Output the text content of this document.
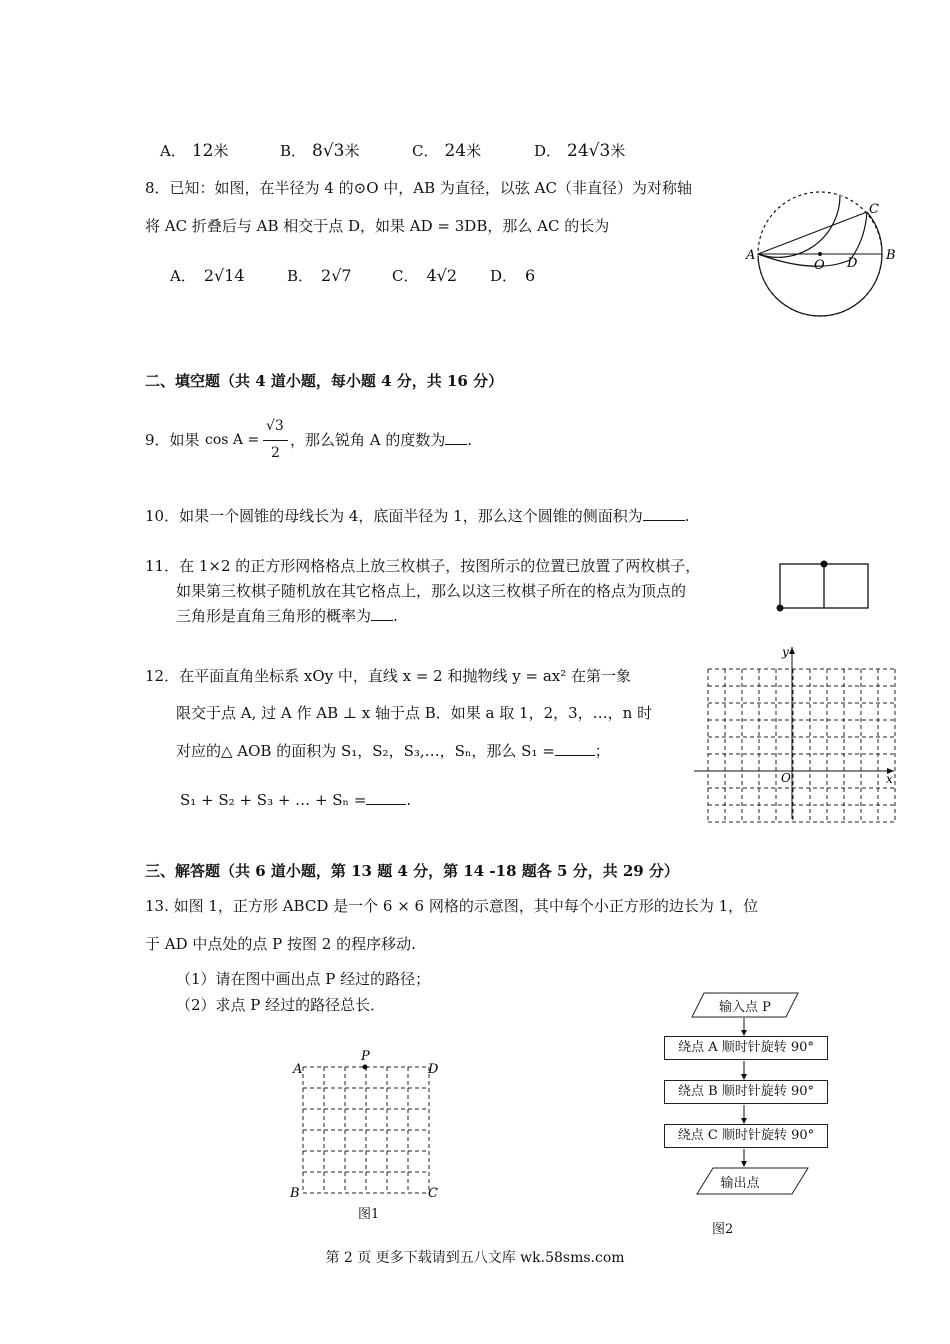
A． 12米	B． 8√3米	C． 24米	D． 24√3米
8．已知：如图，在半径为 4 的⊙O 中，AB 为直径，以弦 AC（非直径）为对称轴
将 AC 折叠后与 AB 相交于点 D，如果 AD = 3DB，那么 AC 的长为
A． 2√14	B． 2√7	C． 4√2 D． 6
A	B
C
O D
二、填空题（共 4 道小题，每小题 4 分，共 16 分）
9．如果 cos A =
√3
2
，那么锐角 A 的度数为 .
10．如果一个圆锥的母线长为 4，底面半径为 1，那么这个圆锥的侧面积为	.
11．在 1×2 的正方形网格格点上放三枚棋子，按图所示的位置已放置了两枚棋子，
如果第三枚棋子随机放在其它格点上，那么以这三枚棋子所在的格点为顶点的
三角形是直角三角形的概率为 .
12．在平面直角坐标系 xOy 中，直线 x = 2 和抛物线 y = ax² 在第一象
限交于点 A, 过 A 作 AB ⊥ x 轴于点 B．如果 a 取 1，2，3，…，n 时
对应的△ AOB 的面积为 S₁，S₂，S₃,…，Sₙ，那么 S₁ =	；
S₁ + S₂ + S₃ + … + Sₙ =	.
x
y
O
三、解答题（共 6 道小题，第 13 题 4 分，第 14 -18 题各 5 分，共 29 分）
13. 如图 1，正方形 ABCD 是一个 6 × 6 网格的示意图，其中每个小正方形的边长为 1，位
于 AD 中点处的点 P 按图 2 的程序移动.
（1）请在图中画出点 P 经过的路径；
（2）求点 P 经过的路径总长．
A	D
B	C
P
图1
输入点 P
绕点 A 顺时针旋转 90°
绕点 B 顺时针旋转 90°
绕点 C 顺时针旋转 90°
输出点
图2
第 2 页 更多下载请到五八文库 wk.58sms.com
